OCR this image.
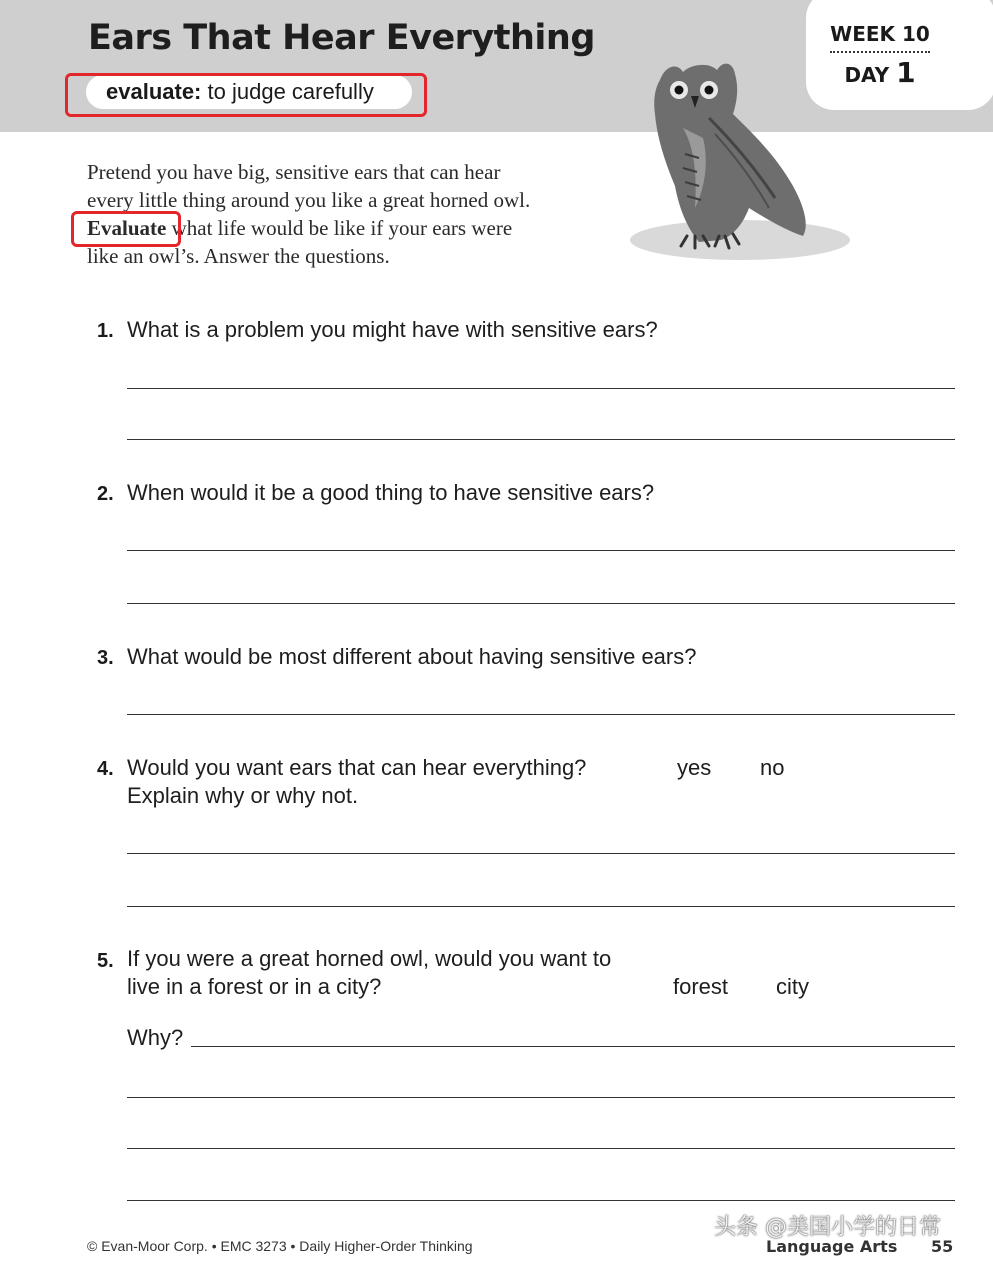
Ears That Hear Everything
evaluate: to judge carefully
WEEK 10
DAY 1

Pretend you have big, sensitive ears that can hear
every little thing around you like a great horned owl.
Evaluate what life would be like if your ears were
like an owl’s. Answer the questions.

1. What is a problem you might have with sensitive ears?
2. When would it be a good thing to have sensitive ears?
3. What would be most different about having sensitive ears?
4. Would you want ears that can hear everything?
Explain why or why not.
yes no
5. If you were a great horned owl, would you want to
live in a forest or in a city?	forest city
Why?
© Evan-Moor Corp. • EMC 3273 • Daily Higher-Order Thinking
头条 @美国小学的日常
Language Arts 55
